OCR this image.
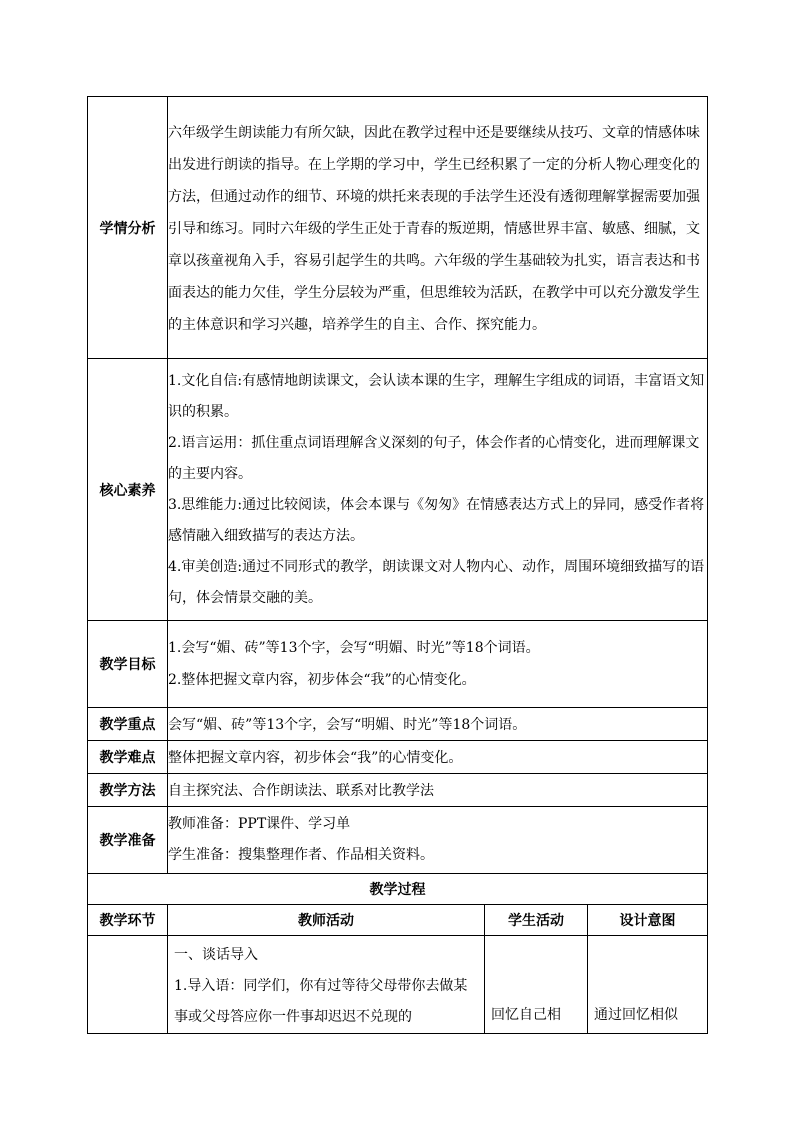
学情分析	六年级学生朗读能力有所欠缺，因此在教学过程中还是要继续从技巧、文章的情感体味出发进行朗读的指导。在上学期的学习中，学生已经积累了一定的分析人物心理变化的方法，但通过动作的细节、环境的烘托来表现的手法学生还没有透彻理解掌握需要加强引导和练习。同时六年级的学生正处于青春的叛逆期，情感世界丰富、敏感、细腻，文章以孩童视角入手，容易引起学生的共鸣。六年级的学生基础较为扎实，语言表达和书面表达的能力欠佳，学生分层较为严重，但思维较为活跃，在教学中可以充分激发学生的主体意识和学习兴趣，培养学生的自主、合作、探究能力。		

核心素养	1.文化自信:有感情地朗读课文，会认读本课的生字，理解生字组成的词语，丰富语文知识的积累。

2.语言运用：抓住重点词语理解含义深刻的句子，体会作者的心情变化，进而理解课文的主要内容。

3.思维能力:通过比较阅读，体会本课与《匆匆》在情感表达方式上的异同，感受作者将感情融入细致描写的表达方法。

4.审美创造:通过不同形式的教学，朗读课文对人物内心、动作，周围环境细致描写的语句，体会情景交融的美。		

教学目标	1.会写“媚、砖”等13个字，会写“明媚、时光”等18个词语。

2.整体把握文章内容，初步体会“我”的心情变化。		

教学重点	会写“媚、砖”等13个字，会写“明媚、时光”等18个词语。		
教学难点	整体把握文章内容，初步体会“我”的心情变化。		
教学方法	自主探究法、合作朗读法、联系对比教学法		
教学准备	教师准备：PPT课件、学习单

学生准备：搜集整理作者、作品相关资料。		

教学过程			
教学环节	教师活动	学生活动	设计意图

	一、谈话导入
1.导入语：同学们，你有过等待父母带你去做某事或父母答应你一件事却迟迟不兑现的	回忆自己相	通过回忆相似
